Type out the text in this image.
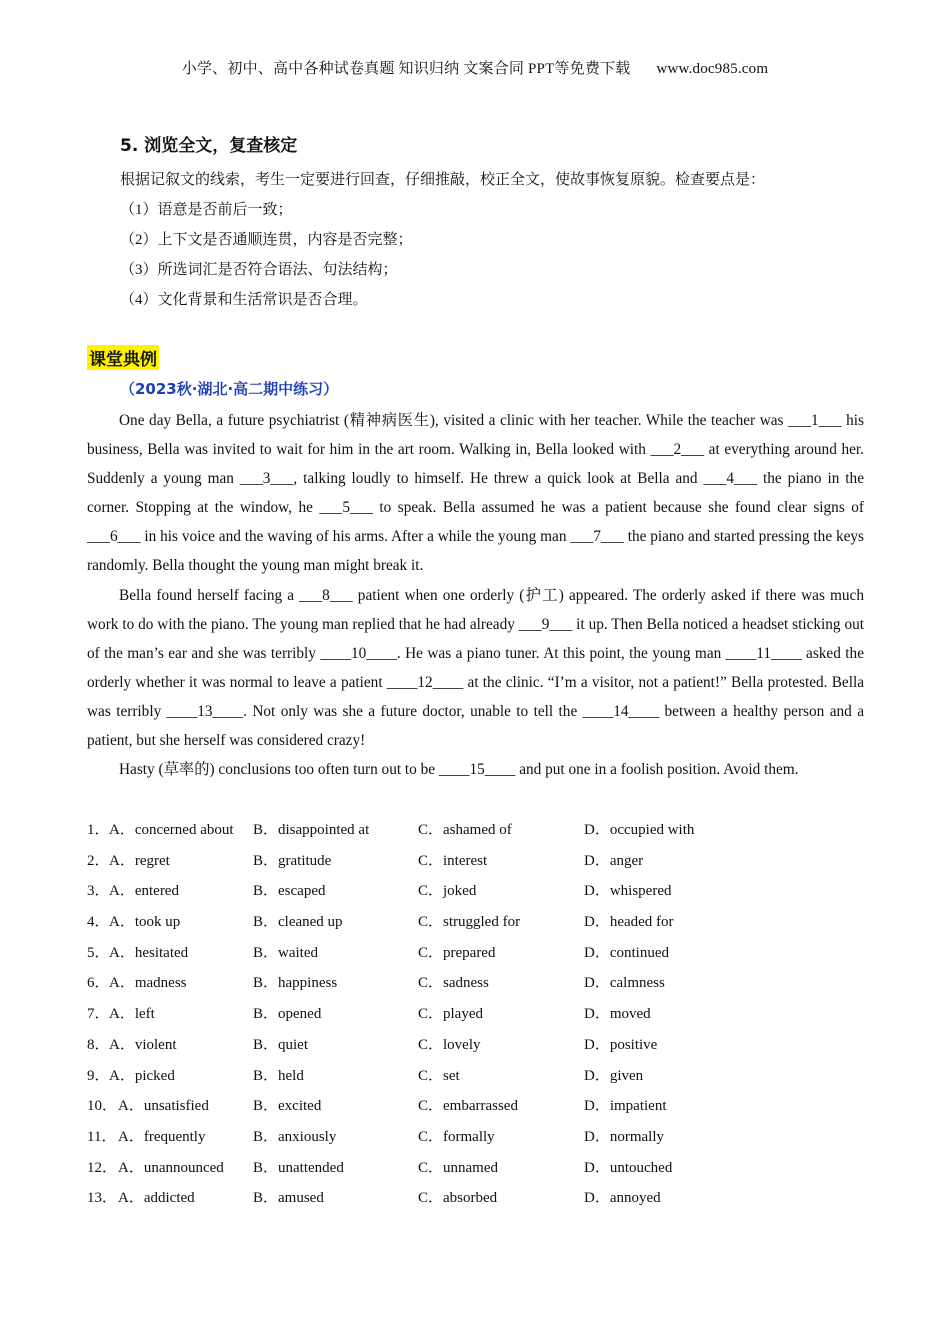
小学、初中、高中各种试卷真题 知识归纳 文案合同 PPT等免费下载 www.doc985.com
5. 浏览全文，复查核定

根据记叙文的线索，考生一定要进行回查，仔细推敲，校正全文，使故事恢复原貌。检查要点是：

（1）语意是否前后一致；

（2）上下文是否通顺连贯，内容是否完整；

（3）所选词汇是否符合语法、句法结构；

（4）文化背景和生活常识是否合理。

课堂典例
（2023秋·湖北·高二期中练习）

One day Bella, a future psychiatrist (精神病医生), visited a clinic with her teacher. While the teacher was ___1___ his business, Bella was invited to wait for him in the art room. Walking in, Bella looked with ___2___ at everything around her. Suddenly a young man ___3___, talking loudly to himself. He threw a quick look at Bella and ___4___ the piano in the corner. Stopping at the window, he ___5___ to speak. Bella assumed he was a patient because she found clear signs of ___6___ in his voice and the waving of his arms. After a while the young man ___7___ the piano and started pressing the keys randomly. Bella thought the young man might break it.

Bella found herself facing a ___8___ patient when one orderly (护工) appeared. The orderly asked if there was much work to do with the piano. The young man replied that he had already ___9___ it up. Then Bella noticed a headset sticking out of the man’s ear and she was terribly ____10____. He was a piano tuner. At this point, the young man ____11____ asked the orderly whether it was normal to leave a patient ____12____ at the clinic. “I’m a visitor, not a patient!” Bella protested. Bella was terribly ____13____. Not only was she a future doctor, unable to tell the ____14____ between a healthy person and a patient, but she herself was considered crazy!

Hasty (草率的) conclusions too often turn out to be ____15____ and put one in a foolish position. Avoid them.

1． A．concerned about B．disappointed at	C．ashamed of	D．occupied with
2． A．regret	B．gratitude	C．interest	D．anger
3． A．entered	B．escaped	C．joked	D．whispered
4． A．took up	B．cleaned up	C．struggled for	D．headed for
5． A．hesitated	B．waited	C．prepared	D．continued
6． A．madness	B．happiness	C．sadness	D．calmness
7． A．left	B．opened	C．played	D．moved
8． A．violent	B．quiet	C．lovely	D．positive
9． A．picked	B．held	C．set	D．given
10． A．unsatisfied	B．excited	C．embarrassed	D．impatient
11． A．frequently	B．anxiously	C．formally	D．normally
12． A．unannounced B．unattended	C．unnamed	D．untouched
13． A．addicted	B．amused	C．absorbed	D．annoyed
